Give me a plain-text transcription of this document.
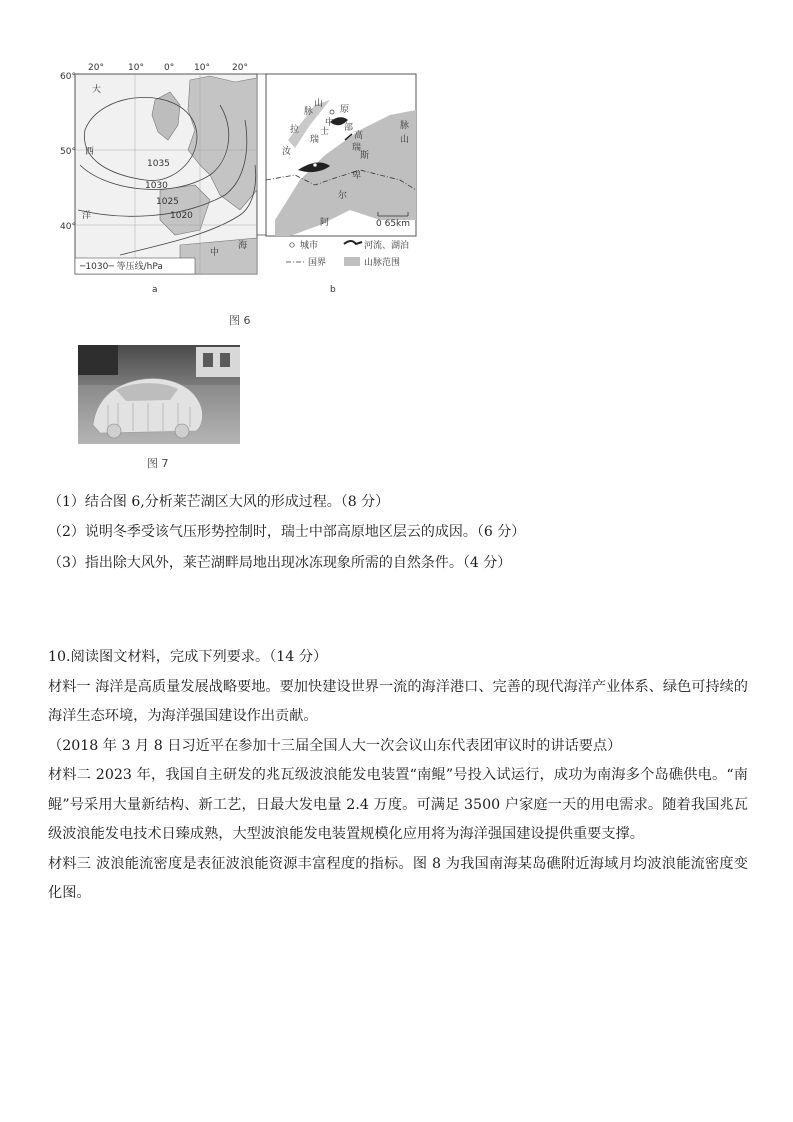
20°	10° 0° 10° 20°
60°
50°
40°
大
西
洋
中
海
1035
1030
1025
1020
─1030─ 等压线/hPa
a
山
拉
汝
脉
瑞
士
原
中 部
高
瑞
斯
山
脉
卑
尔
阿	0 65km
城市	河流、湖泊
国界	山脉范围
b
图 6
图 7
（1）结合图 6,分析莱芒湖区大风的形成过程。（8 分）
（2）说明冬季受该气压形势控制时，瑞士中部高原地区层云的成因。（6 分）
（3）指出除大风外，莱芒湖畔局地出现冰冻现象所需的自然条件。（4 分）

10.阅读图文材料，完成下列要求。（14 分）

材料一 海洋是高质量发展战略要地。要加快建设世界一流的海洋港口、完善的现代海洋产业体系、绿色可持续的海洋生态环境，为海洋强国建设作出贡献。

（2018 年 3 月 8 日习近平在参加十三届全国人大一次会议山东代表团审议时的讲话要点）

材料二 2023 年，我国自主研发的兆瓦级波浪能发电装置“南鲲”号投入试运行，成功为南海多个岛礁供电。“南鲲”号采用大量新结构、新工艺，日最大发电量 2.4 万度。可满足 3500 户家庭一天的用电需求。随着我国兆瓦级波浪能发电技术日臻成熟，大型波浪能发电装置规模化应用将为海洋强国建设提供重要支撑。

材料三 波浪能流密度是表征波浪能资源丰富程度的指标。图 8 为我国南海某岛礁附近海域月均波浪能流密度变化图。
